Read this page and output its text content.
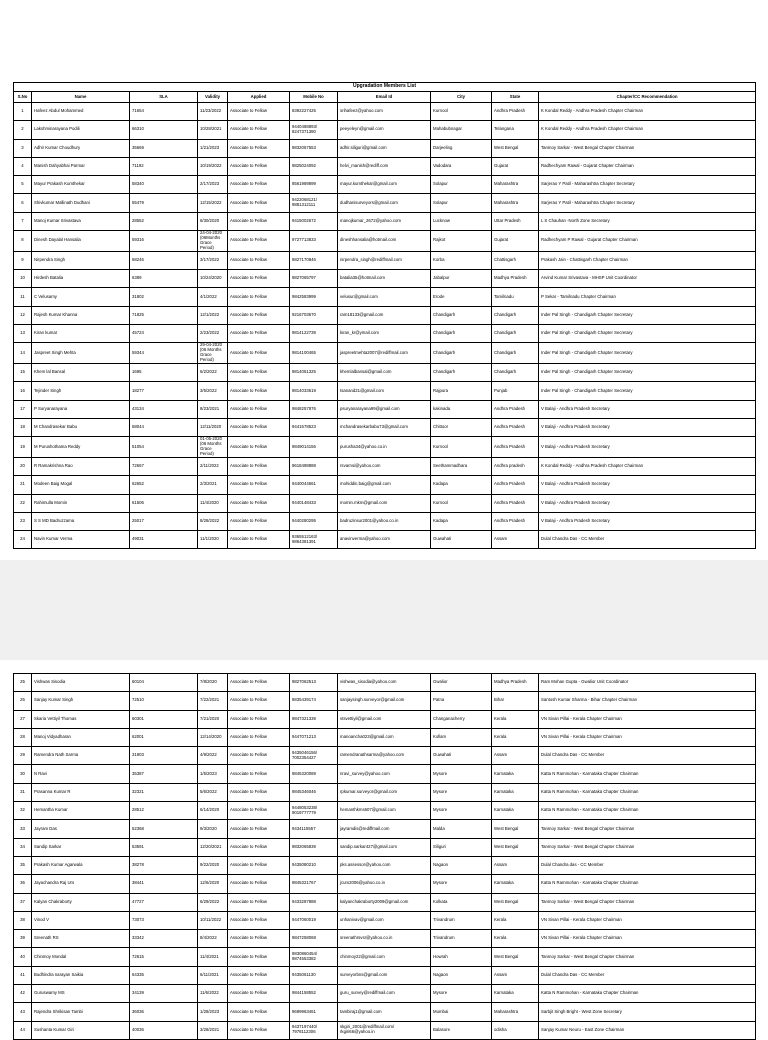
Upgradation Members List									
S.No	Name	SLA	Validity	Applied	Mobile No	Email Id	City	State	Chapter/CC Recommendation

1	Hafeez Abdul Mohammed	71654	11/23/2022	Associate to Fellow	8392227425	srihafeez@yahoo.com	Kurnool	Andhra Pradesh	K Kondal Reddy - Andhra Pradesh Chapter Chairman

2	Lakshminarayana Podili	66310	10/28/2021	Associate to Fellow	9440488893/
8247371380	peeyeleyn@gmail.com	Mahabubnagar	Telangana	K Kondal Reddy - Andhra Pradesh Chapter Chairman

3	Adhir Kumar Choudhury	35669	1/21/2023	Associate to Fellow	9832067553	adhir.siliguri@gmail.com	Darjeeling	West Bengal	Tanmoy Sarkar - West Bengal Chapter Chairman

4	Manish Dahyabhai Parmar	71192	10/19/2022	Associate to Fellow	9825024092	helvi_manish@rediff.com	Vadodara	Gujarat	Radhechyam Rawal - Gujarat Chapter Chairman

5	Mayur Prakash Kumthekar	58340	2/17/2023	Associate to Fellow	8561989899	mayur.kumthekar@gmail.com	Solapur	Maharashtra	Sarjerao Y Patil - Maharashtra Chapter Secretary

6	Shivkumar Mallinath Dudhani	55479	12/15/2022	Associate to Fellow	9422068121/
9881312111	dudhanisurveyors@gmail.com	Solapur	Maharashtra	Sarjerao Y Patil - Maharashtra Chapter Secretary

7	Manoj Kumar Srivastava	28552	6/30/2020	Associate to Fellow	9415002672	manojkumar_2672@yahoo.com	Lucknow	Uttar Pradesh	L S Chauhan -North Zone Secretary

8	Dinesh Dayalal Hansalia	59316	24-04-2020
(06Months
Grace Period)	Associate to Fellow	9727713833	dineshhansalia@hotmail.com	Rajkot	Gujarat	Radhechyam P Rawal - Gujarat Chapter Chairman

9	Nirpendra Singh	68246	3/17/2022	Associate to Fellow	8827170846	nirpendra_singh@rediffmail.com	Korba	Chattisgarh	Prakash Jain - Chattisgarh Chapter Chairman

10	Hirdesh Batalia	6389	10/24/2020	Associate to Fellow	9827065797	batalia35@hotmail.com	Jabalpur	Madhya Pradesh	Arvind Kumar Srivastava - MHSP Unit Coordinator

11	C Velusamy	31802	4/1/2022	Associate to Fellow	9842583999	velusur@gmail.com	Erode	Tamilnadu	P Sekar - Tamilnadu Chapter Chairman

12	Rajesh Kumar Khanna	71825	12/1/2022	Associate to Fellow	9216703670	ram18133@gmail.com	Chandigarh	Chandigarh	Inder Pal Singh - Chandigarh Chapter Secretary

13	Kiran kumar	45724	2/23/2022	Associate to Fellow	9814122739	kiran_kr@ymail.com	Chandigarh	Chandigarh	Inder Pal Singh - Chandigarh Chapter Secretary

14	Jaspreet Singh Mehta	59344	29-04-2020
(06 Months
Grace Period)	Associate to Fellow	9814100465	jaspreetmehta2007@rediffmail.com	Chandigarh	Chandigarh	Inder Pal Singh - Chandigarh Chapter Secretary

15	Khem lal Bansal	1695	6/2/2022	Associate to Fellow	9814051325	khemlalbansal@gmail.com	Chandigarh	Chandigarh	Inder Pal Singh - Chandigarh Chapter Secretary

16	Tejinder Singh	18277	3/5/2022	Associate to Fellow	9814033619	tsanand21@gmail.com	Rajpura	Punjab	Inder Pal Singh - Chandigarh Chapter Secretary

17	P Suryanarayana	43134	8/23/2021	Associate to Fellow	9848257876	psuryanarayana99@gmail.com	kakinada	Andhra Pradesh	V Balaji - Andhra Pradesh Secretary

18	M Chandrasekar Babu	58044	12/11/2020	Associate to Fellow	9441578523	mchandrasekarbabu73@gmail.com	Chittoor	Andhra Pradesh	V Balaji - Andhra Pradesh Secretary

19	M Purushothama Reddy	51054	01-05-2020
(06 Months
Grace Period)	Associate to Fellow	9849014156	purusha34@yahoo.co.in	Kurnool	Andhra Pradesh	V Balaji - Andhra Pradesh Secretary

20	R Ramakrishna Rao	72667	2/11/2022	Associate to Fellow	9618498888	rsvarnsi@yahoo.com	Seethammadhara	Andhra pradesh	K Kondal Reddy - Andhra Pradesh Chapter Chairman

21	Modeen Baig Mogal	62652	2/3/2021	Associate to Fellow	9440044661	mohiddin.baig@gmail.com	Kadapa	Andhra Pradesh	V Balaji - Andhra Pradesh Secretary

22	Rahimulla Momin	61506	11/4/2020	Associate to Fellow	9440148433	momin.mkm@gmail.com	Kurnool	Andhra Pradesh	V Balaji - Andhra Pradesh Secretary

23	S S MD Badruzzama	25017	8/28/2022	Associate to Fellow	9440280295	badruzinsur2001@yahoo.co.in	Kadapa	Andhra Pradesh	V Balaji - Andhra Pradesh Secretary

24	Navin Kumar Verma	49031	11/1/2020	Associate to Fellow	9365512163/
9864381391	anavinverma@yahoo.com	Guwahati	Assam	Dulal Chandra Das - CC Member
25	Vishwas Sisodia	60104	7/8/2020	Associate to Fellow	9827062513	vishwas_sisodia@yahoo.com	Gwalior	Madhya Pradesh	Ram Mohan Gupta - Gwalior Unit Coordinator

26	Sanjay Kumar Singh	72510	7/22/2021	Associate to Fellow	8835439174	sanjaysingh.surveyor@gmail.com	Patna	Bihar	Santosh Kumar Sharma - Bihar Chapter Chairman

27	Skaria Vettiyil Thomas	60301	7/21/2020	Associate to Fellow	9847321339	vtsvettiyil@gmail.com	Changanacherry	Kerala	VN Sivan Pillai - Kerala Chapter Chairman

28	Manoj Vidyadharan	62001	12/14/2020	Associate to Fellow	9447071213	manoancha023@gmail.com	Kollam	Kerala	VN Sivan Pillai - Kerala Chapter Chairman

29	Ramendra Nath Sarma	31903	4/9/2022	Associate to Fellow	9435046156/
7002354427	ramendranathsarma@yahoo.com	Guwahati	Assam	Dulal Chandra Das - CC Member

30	N Ravi	35387	1/5/2023	Associate to Fellow	9845320089	nravi_survey@yahoo.com	Mysore	Karnataka	Katta N Rammohan - Karnataka Chapter Chairman

31	Prasanna Kumar R	32321	5/6/2022	Associate to Fellow	9845346046	rpkumar.surveyor@gmail.com	Mysore	Karnataka	Katta N Rammohan - Karnataka Chapter Chairman

32	Hemantha Kumar	28512	6/14/2020	Associate to Fellow	9448053238/
9019777779	hemanthkms607@gmail.com	Mysore	Karnataka	Katta N Rammohan - Karnataka Chapter Chairman

33	Jayram Das	52368	9/3/2020	Associate to Fellow	9434115557	jayramdis@rediffmail.com	Malda	West Bengal	Tanmoy Sarkar - West Bengal Chapter Chairman

34	Sandip Sarkar	53591	12/20/2021	Associate to Fellow	9832065839	sandip.sarkar427@gmail.com	Siliguri	West Bengal	Tanmoy Sarkar - West Bengal Chapter Chairman

35	Prakash Kumar Agarwala	38278	9/22/2020	Associate to Fellow	9435080210	pks.assessor@yahoo.com	Nagaon	Assam	Dulal Chandra das - CC Member

36	Jayachandra Raj Urs	38441	12/6/2020	Associate to Fellow	9845321767	jcurs2006@yahoo.co.in	Mysore	Karnataka	Katta N Rammohan - Karnataka Chapter Chairman

37	Kalyan Chakraborty	47727	6/29/2022	Associate to Fellow	9433287888	kalyanchakraborty2009@gmail.com	Kolkata	West Bengal	Tanmoy Sarkar - West Bengal Chapter Chairman

38	Vinod V	73073	10/11/2022	Associate to Fellow	9447060019	unhanivav@gmail.com	Trivandrum	Kerala	VN Sivan Pillai - Kerala Chapter Chairman

39	Sreenath RS	33342	8/4/2022	Associate to Fellow	9847258068	sreenathrsvsr@yahoo.co.in	Trivandrum	Kerala	VN Sivan Pillai - Kerala Chapter Chairman

40	Chinmoy Mondal	72615	11/4/2021	Associate to Fellow	9830860454/
9874553382	chinmoy22@gmail.com	Howrah	West Bengal	Tanmoy Sarkar - West Bengal Chapter Chairman

41	Budhindra narayan Saikia	64335	6/11/2021	Associate to Fellow	9435061130	surveyorbns@gmail.com	Nagaon	Assam	Dulal Chandra Das - CC Member

42	Guruswamy MS	34139	11/6/2022	Associate to Fellow	9844158552	guru_survey@rediffmail.com	Mysore	Karnataka	Katta N Rammohan - Karnataka Chapter Chairman

43	Rajendra Shrikisan Tambi	36036	1/28/2023	Associate to Fellow	9699963461	tambiraj1@gmail.com	Mumbai	Maharashtra	Sarbjit Singh Bright - West Zone Secretary

44	Sushanta Kumar Giri	40036	3/28/2021	Associate to Fellow	9437197440/
7978112306	skgiri_2001@rediffmail.com/
rkgiri66@yahoo.in	Balasore	odisha	Sanjay Kumar Neuru - East Zone Chairman
